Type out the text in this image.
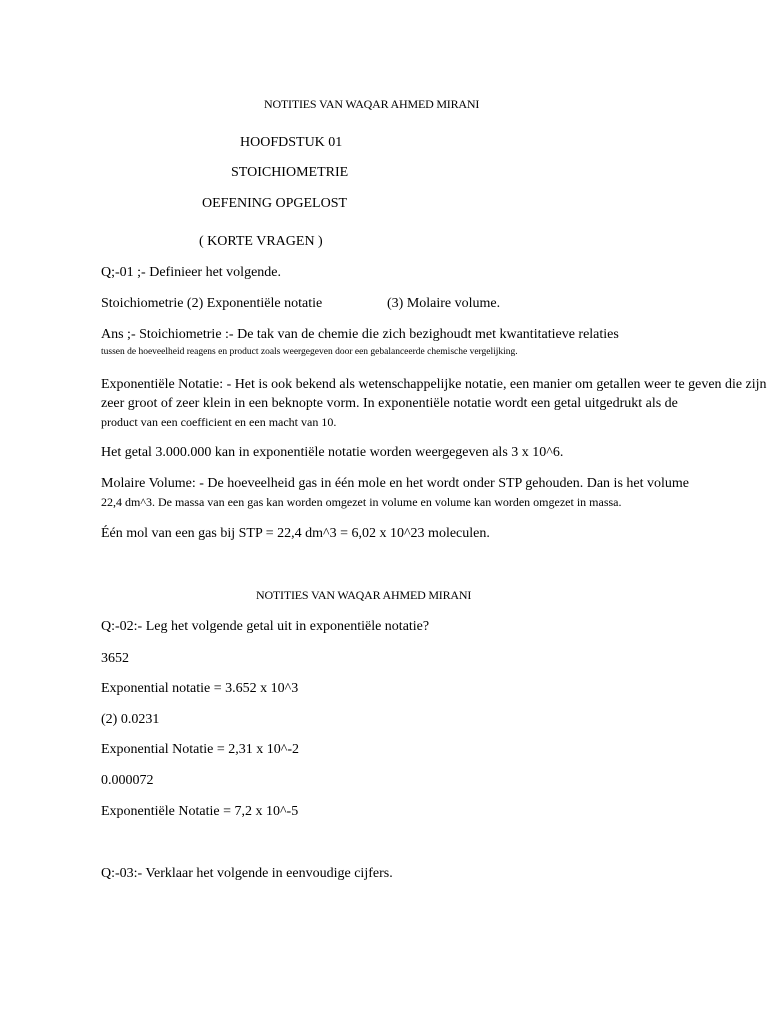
NOTITIES VAN WAQAR AHMED MIRANI
HOOFDSTUK 01
STOICHIOMETRIE
OEFENING OPGELOST
( KORTE VRAGEN )
Q;-01 ;- Definieer het volgende.
Stoichiometrie (2) Exponentiële notatie	(3) Molaire volume.
Ans ;- Stoichiometrie :- De tak van de chemie die zich bezighoudt met kwantitatieve relaties
tussen de hoeveelheid reagens en product zoals weergegeven door een gebalanceerde chemische vergelijking.
Exponentiële Notatie: - Het is ook bekend als wetenschappelijke notatie, een manier om getallen weer te geven die zijn
zeer groot of zeer klein in een beknopte vorm. In exponentiële notatie wordt een getal uitgedrukt als de
product van een coefficient en een macht van 10.
Het getal 3.000.000 kan in exponentiële notatie worden weergegeven als 3 x 10^6.
Molaire Volume: - De hoeveelheid gas in één mole en het wordt onder STP gehouden. Dan is het volume
22,4 dm^3. De massa van een gas kan worden omgezet in volume en volume kan worden omgezet in massa.
Één mol van een gas bij STP = 22,4 dm^3 = 6,02 x 10^23 moleculen.
NOTITIES VAN WAQAR AHMED MIRANI
Q:-02:- Leg het volgende getal uit in exponentiële notatie?
3652
Exponential notatie = 3.652 x 10^3
(2) 0.0231
Exponential Notatie = 2,31 x 10^-2
0.000072
Exponentiële Notatie = 7,2 x 10^-5
Q:-03:- Verklaar het volgende in eenvoudige cijfers.
